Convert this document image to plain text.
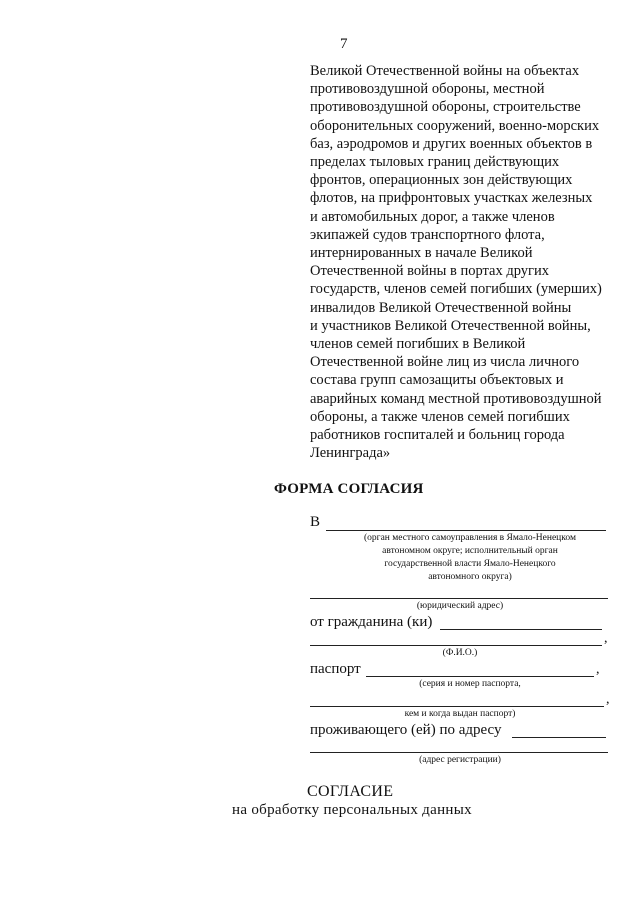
7
Великой Отечественной войны на объектах
противовоздушной обороны, местной
противовоздушной обороны, строительстве
оборонительных сооружений, военно-морских
баз, аэродромов и других военных объектов в
пределах тыловых границ действующих
фронтов, операционных зон действующих
флотов, на прифронтовых участках железных
и автомобильных дорог, а также членов
экипажей судов транспортного флота,
интернированных в начале Великой
Отечественной войны в портах других
государств, членов семей погибших (умерших)
инвалидов Великой Отечественной войны
и участников Великой Отечественной войны,
членов семей погибших в Великой
Отечественной войне лиц из числа личного
состава групп самозащиты объектовых и
аварийных команд местной противовоздушной
обороны, а также членов семей погибших
работников госпиталей и больниц города
Ленинграда»
ФОРМА СОГЛАСИЯ
В
(орган местного самоуправления в Ямало-Ненецком
автономном округе; исполнительный орган
государственной власти Ямало-Ненецкого
автономного округа)
(юридический адрес)
от гражданина (ки)
,
(Ф.И.О.)
паспорт	,
(серия и номер паспорта,
,
кем и когда выдан паспорт)
проживающего (ей) по адресу
(адрес регистрации)
СОГЛАСИЕ
на обработку персональных данных
